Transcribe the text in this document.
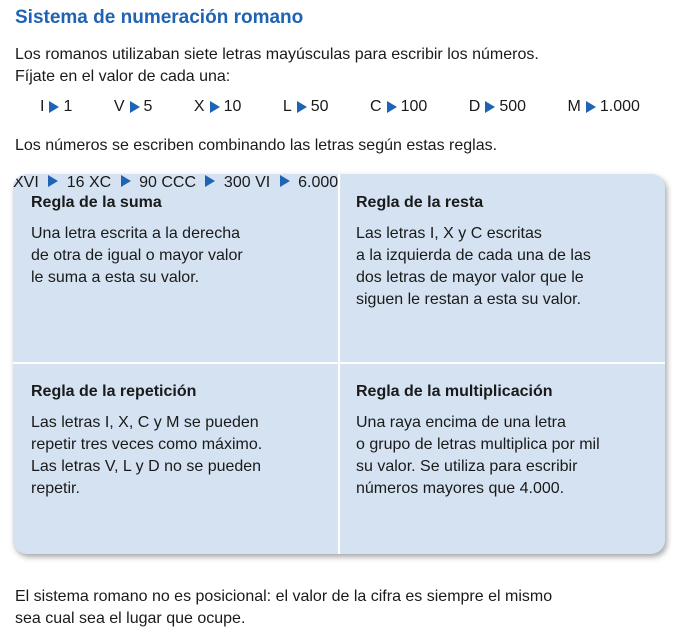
Sistema de numeración romano
Los romanos utilizaban siete letras mayúsculas para escribir los números.
Fíjate en el valor de cada una:
I 1	V 5	X 10	L 50	C 100	D 500	M 1.000
Los números se escriben combinando las letras según estas reglas.
Regla de la suma
Una letra escrita a la derecha
de otra de igual o mayor valor
le suma a esta su valor.
XVI 16
Regla de la resta
Las letras I, X y C escritas
a la izquierda de cada una de las
dos letras de mayor valor que le
siguen le restan a esta su valor.
XC 90
Regla de la repetición
Las letras I, X, C y M se pueden
repetir tres veces como máximo.
Las letras V, L y D no se pueden
repetir.
CCC 300
Regla de la multiplicación
Una raya encima de una letra
o grupo de letras multiplica por mil
su valor. Se utiliza para escribir
números mayores que 4.000.
$\overline{VI}$ 6.000
El sistema romano no es posicional: el valor de la cifra es siempre el mismo
sea cual sea el lugar que ocupe.
